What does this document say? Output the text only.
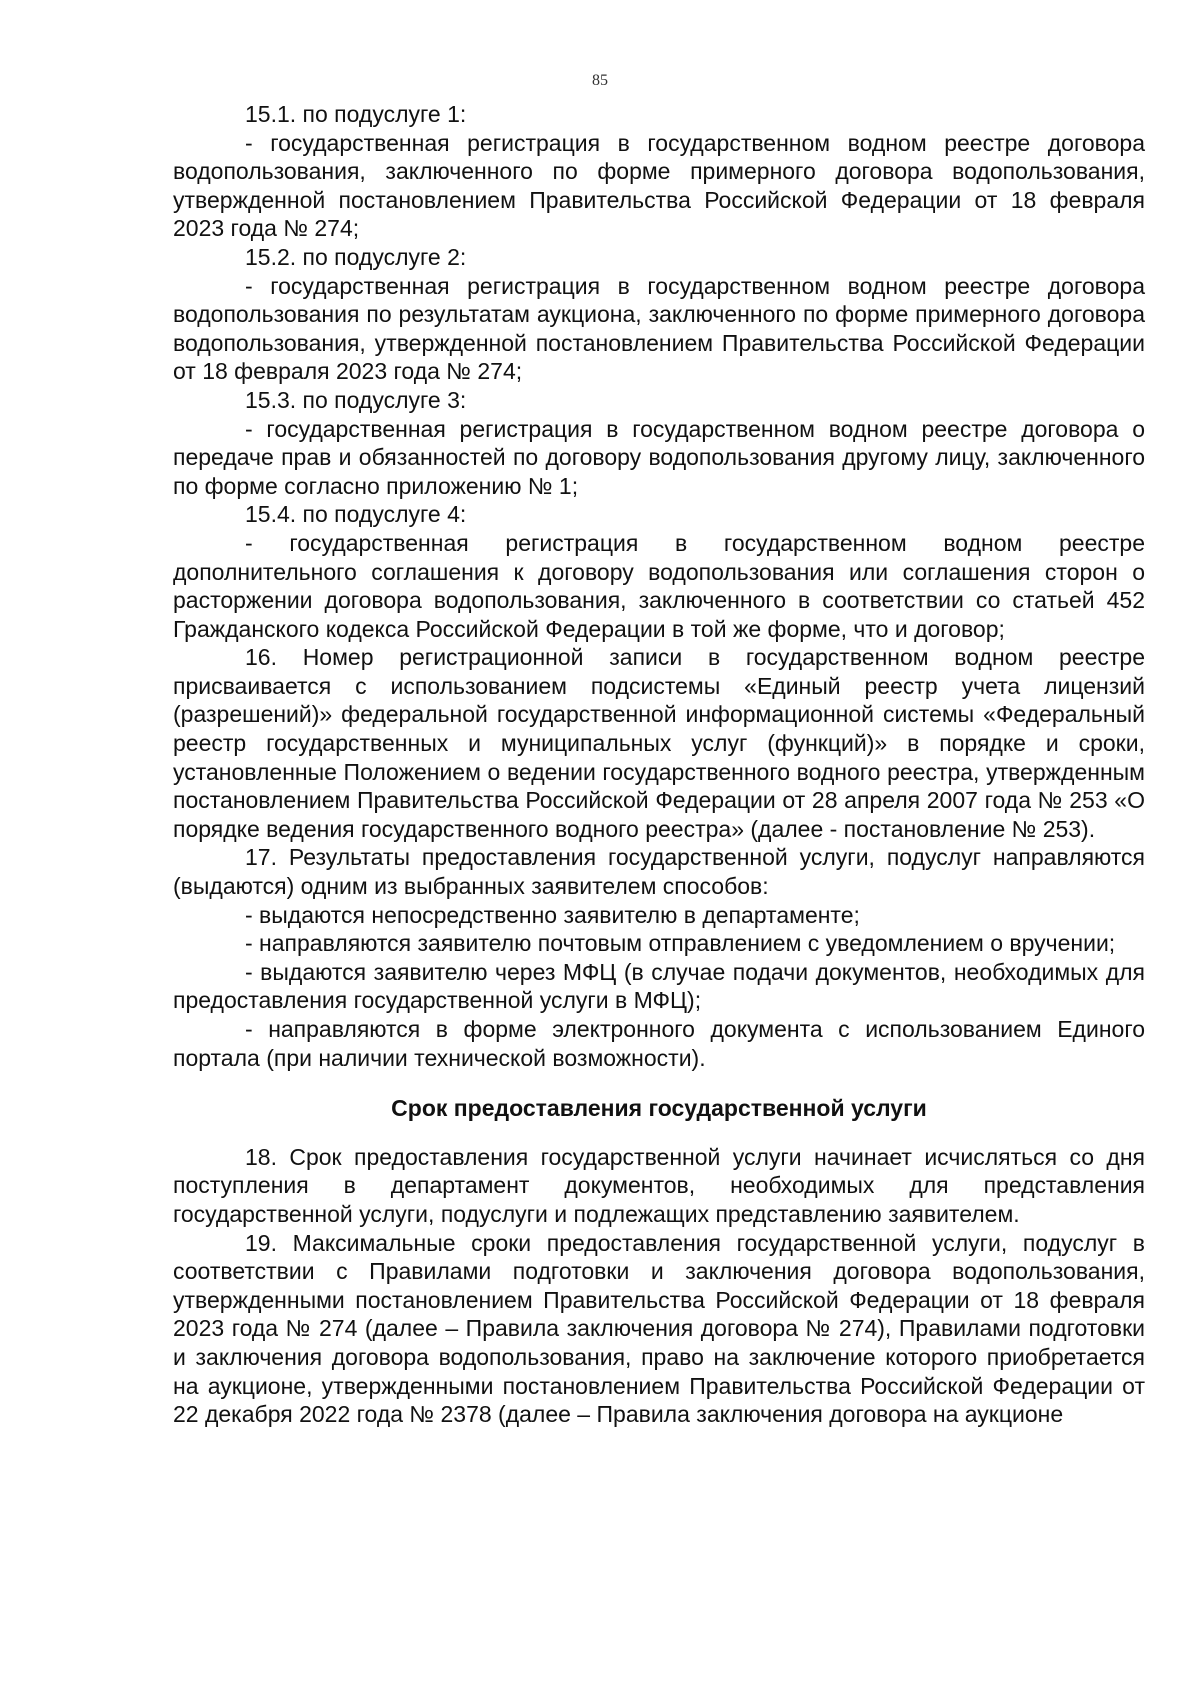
85

15.1. по подуслуге 1:

- государственная регистрация в государственном водном реестре договора водопользования, заключенного по форме примерного договора водопользования, утвержденной постановлением Правительства Российской Федерации от 18 февраля 2023 года № 274;

15.2. по подуслуге 2:

- государственная регистрация в государственном водном реестре договора водопользования по результатам аукциона, заключенного по форме примерного договора водопользования, утвержденной постановлением Правительства Российской Федерации от 18 февраля 2023 года № 274;

15.3. по подуслуге 3:

- государственная регистрация в государственном водном реестре договора о передаче прав и обязанностей по договору водопользования другому лицу, заключенного по форме согласно приложению № 1;

15.4. по подуслуге 4:

- государственная регистрация в государственном водном реестре дополнительного соглашения к договору водопользования или соглашения сторон о расторжении договора водопользования, заключенного в соответствии со статьей 452 Гражданского кодекса Российской Федерации в той же форме, что и договор;

16. Номер регистрационной записи в государственном водном реестре присваивается с использованием подсистемы «Единый реестр учета лицензий (разрешений)» федеральной государственной информационной системы «Федеральный реестр государственных и муниципальных услуг (функций)» в порядке и сроки, установленные Положением о ведении государственного водного реестра, утвержденным постановлением Правительства Российской Федерации от 28 апреля 2007 года № 253 «О порядке ведения государственного водного реестра» (далее - постановление № 253).

17. Результаты предоставления государственной услуги, подуслуг направляются (выдаются) одним из выбранных заявителем способов:

- выдаются непосредственно заявителю в департаменте;

- направляются заявителю почтовым отправлением с уведомлением о вручении;

- выдаются заявителю через МФЦ (в случае подачи документов, необходимых для предоставления государственной услуги в МФЦ);

- направляются в форме электронного документа с использованием Единого портала (при наличии технической возможности).

Срок предоставления государственной услуги

18. Срок предоставления государственной услуги начинает исчисляться со дня поступления в департамент документов, необходимых для представления государственной услуги, подуслуги и подлежащих представлению заявителем.

19. Максимальные сроки предоставления государственной услуги, подуслуг в соответствии с Правилами подготовки и заключения договора водопользования, утвержденными постановлением Правительства Российской Федерации от 18 февраля 2023 года № 274 (далее – Правила заключения договора № 274), Правилами подготовки и заключения договора водопользования, право на заключение которого приобретается на аукционе, утвержденными постановлением Правительства Российской Федерации от 22 декабря 2022 года № 2378 (далее – Правила заключения договора на аукционе
